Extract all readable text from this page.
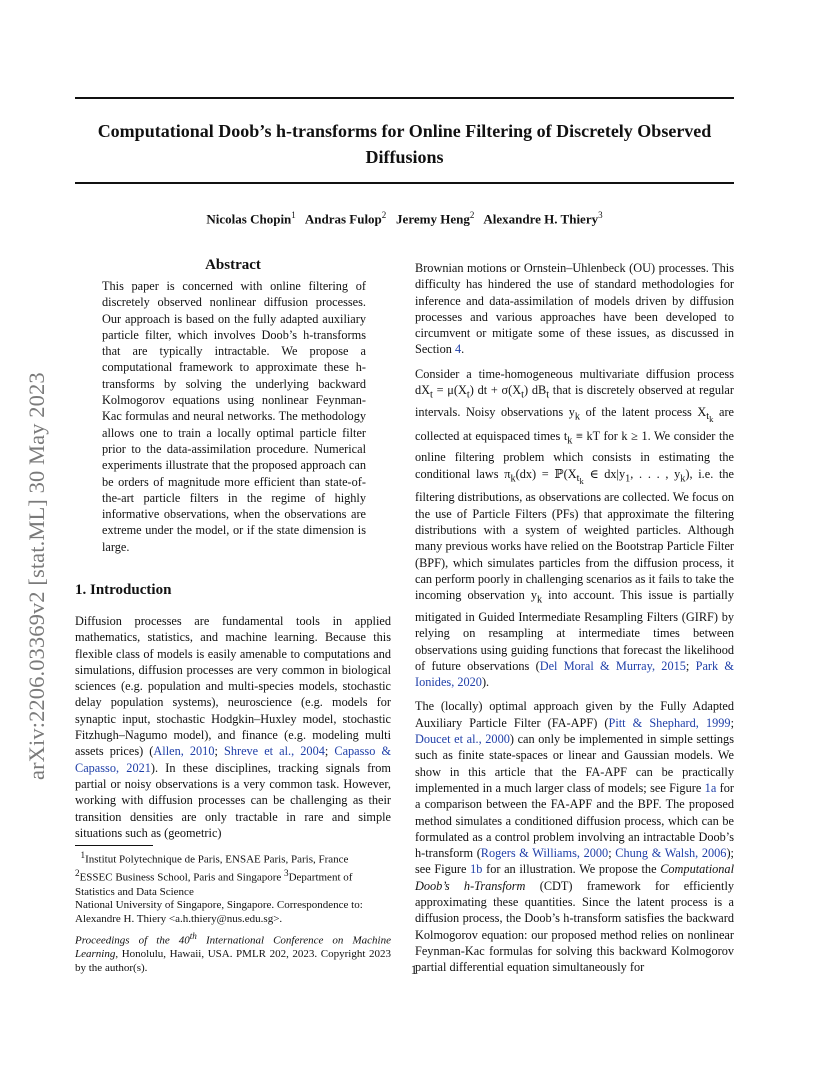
Computational Doob’s h-transforms for Online Filtering of Discretely Observed Diffusions
Nicolas Chopin$^1$ Andras Fulop$^2$ Jeremy Heng$^2$ Alexandre H. Thiery$^3$
arXiv:2206.03369v2 [stat.ML] 30 May 2023
Abstract
This paper is concerned with online filtering of discretely observed nonlinear diffusion processes. Our approach is based on the fully adapted auxiliary particle filter, which involves Doob’s h-transforms that are typically intractable. We propose a computational framework to approximate these h-transforms by solving the underlying backward Kolmogorov equations using nonlinear Feynman-Kac formulas and neural networks. The methodology allows one to train a locally optimal particle filter prior to the data-assimilation procedure. Numerical experiments illustrate that the proposed approach can be orders of magnitude more efficient than state-of-the-art particle filters in the regime of highly informative observations, when the observations are extreme under the model, or if the state dimension is large.
1. Introduction
Diffusion processes are fundamental tools in applied mathematics, statistics, and machine learning. Because this flexible class of models is easily amenable to computations and simulations, diffusion processes are very common in biological sciences (e.g. population and multi-species models, stochastic delay population systems), neuroscience (e.g. models for synaptic input, stochastic Hodgkin–Huxley model, stochastic Fitzhugh–Nagumo model), and finance (e.g. modeling multi assets prices) (Allen, 2010; Shreve et al., 2004; Capasso & Capasso, 2021). In these disciplines, tracking signals from partial or noisy observations is a very common task. However, working with diffusion processes can be challenging as their transition densities are only tractable in rare and simple situations such as (geometric)

Brownian motions or Ornstein–Uhlenbeck (OU) processes. This difficulty has hindered the use of standard methodologies for inference and data-assimilation of models driven by diffusion processes and various approaches have been developed to circumvent or mitigate some of these issues, as discussed in Section 4.

Consider a time-homogeneous multivariate diffusion process $dX_t = \mu(X_t)$ dt + $\sigma(X_t)$ $dB_t$ that is discretely observed at regular intervals. Noisy observations $y_k$ of the latent process $X_{t_k}$ are collected at equispaced times $t_k$ ≡ kT for k ≥ 1. We consider the online filtering problem which consists in estimating the conditional laws $\pi_k(dx)$ = $ℙ(X_{t_k}$ ∈ $dx|y_1$, . . . , $y_k$), i.e. the filtering distributions, as observations are collected. We focus on the use of Particle Filters (PFs) that approximate the filtering distributions with a system of weighted particles. Although many previous works have relied on the Bootstrap Particle Filter (BPF), which simulates particles from the diffusion process, it can perform poorly in challenging scenarios as it fails to take the incoming observation $y_k$ into account. This issue is partially mitigated in Guided Intermediate Resampling Filters (GIRF) by relying on resampling at intermediate times between observations using guiding functions that forecast the likelihood of future observations (Del Moral & Murray, 2015; Park & Ionides, 2020).

The (locally) optimal approach given by the Fully Adapted Auxiliary Particle Filter (FA-APF) (Pitt & Shephard, 1999; Doucet et al., 2000) can only be implemented in simple settings such as finite state-spaces or linear and Gaussian models. We show in this article that the FA-APF can be practically implemented in a much larger class of models; see Figure 1a for a comparison between the FA-APF and the BPF. The proposed method simulates a conditioned diffusion process, which can be formulated as a control problem involving an intractable Doob’s h-transform (Rogers & Williams, 2000; Chung & Walsh, 2006); see Figure 1b for an illustration. We propose the Computational Doob’s h-Transform (CDT) framework for efficiently approximating these quantities. Since the latent process is a diffusion process, the Doob’s h-transform satisfies the backward Kolmogorov equation: our proposed method relies on nonlinear Feynman-Kac formulas for solving this backward Kolmogorov partial differential equation simultaneously for

$^1$Institut Polytechnique de Paris, ENSAE Paris, Paris, France
$^2$ESSEC Business School, Paris and Singapore $^3$Department of Statistics and Data Science
National University of Singapore, Singapore. Correspondence to: Alexandre H. Thiery <a.h.thiery@nus.edu.sg>.
Proceedings of the 40th International Conference on Machine Learning, Honolulu, Hawaii, USA. PMLR 202, 2023. Copyright 2023 by the author(s).	1
